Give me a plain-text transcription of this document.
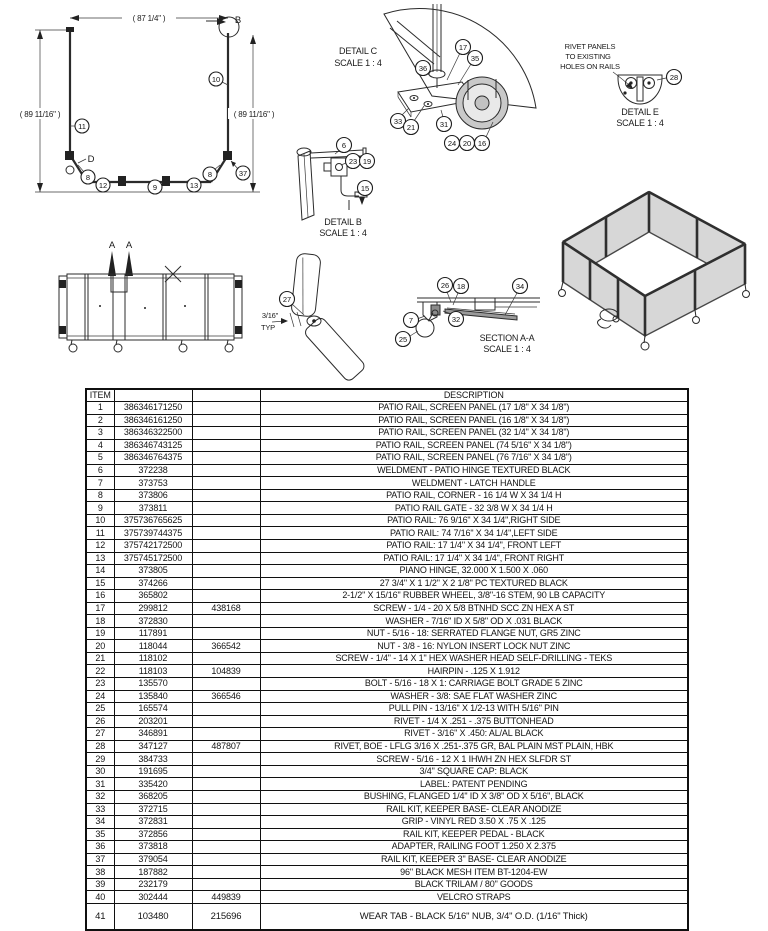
B
D
( 87 1/4" )
( 89 11/16" )	( 89 11/16" )
11
10
8
12	9	13
8	37
DETAIL C
SCALE 1 : 4
36
17
35
33
21	31
24 20 16
RIVET PANELS
TO EXISTING
HOLES ON RAILS
28
DETAIL E
SCALE 1 : 4
6
23 19
15
DETAIL B
SCALE 1 : 4
A A
3/16"
TYP
27
26 18	34
7	32
25	SECTION A-A
SCALE 1 : 4
ITEM			DESCRIPTION
1	386346171250		PATIO RAIL, SCREEN PANEL (17 1/8" X 34 1/8")
2	386346161250		PATIO RAIL, SCREEN PANEL (16 1/8" X 34 1/8")
3	386346322500		PATIO RAIL, SCREEN PANEL (32 1/4" X 34 1/8")
4	386346743125		PATIO RAIL, SCREEN PANEL (74 5/16" X 34 1/8")
5	386346764375		PATIO RAIL, SCREEN PANEL (76 7/16" X 34 1/8")
6	372238		WELDMENT - PATIO HINGE TEXTURED BLACK
7	373753		WELDMENT - LATCH HANDLE
8	373806		PATIO RAIL, CORNER - 16 1/4 W X 34 1/4 H
9	373811		PATIO RAIL GATE - 32 3/8 W X 34 1/4 H
10	375736765625		PATIO RAIL: 76 9/16" X 34 1/4",RIGHT SIDE
11	375739744375		PATIO RAIL: 74 7/16" X 34 1/4",LEFT SIDE
12	375742172500		PATIO RAIL: 17 1/4" X 34 1/4", FRONT LEFT
13	375745172500		PATIO RAIL: 17 1/4" X 34 1/4", FRONT RIGHT
14	373805		PIANO HINGE, 32.000 X 1.500 X .060
15	374266		27 3/4" X 1 1/2" X 2 1/8" PC TEXTURED BLACK
16	365802		2-1/2" X 15/16" RUBBER WHEEL, 3/8"-16 STEM, 90 LB CAPACITY
17	299812	438168	SCREW - 1/4 - 20 X 5/8 BTNHD SCC ZN HEX A ST
18	372830		WASHER - 7/16" ID X 5/8" OD X .031 BLACK
19	117891		NUT - 5/16 - 18: SERRATED FLANGE NUT, GR5 ZINC
20	118044	366542	NUT - 3/8 - 16: NYLON INSERT LOCK NUT ZINC
21	118102		SCREW - 1/4" - 14 X 1" HEX WASHER HEAD SELF-DRILLING - TEKS
22	118103	104839	HAIRPIN - .125 X 1.912
23	135570		BOLT - 5/16 - 18 X 1: CARRIAGE BOLT GRADE 5 ZINC
24	135840	366546	WASHER - 3/8: SAE FLAT WASHER ZINC
25	165574		PULL PIN - 13/16" X 1/2-13 WITH 5/16" PIN
26	203201		RIVET - 1/4 X .251 - .375 BUTTONHEAD
27	346891		RIVET - 3/16" X .450: AL/AL BLACK
28	347127	487807	RIVET, BOE - LFLG 3/16 X .251-.375 GR, BAL PLAIN MST PLAIN, HBK
29	384733		SCREW - 5/16 - 12 X 1 IHWH ZN HEX SLFDR ST
30	191695		3/4" SQUARE CAP: BLACK
31	335420		LABEL: PATENT PENDING
32	368205		BUSHING, FLANGED 1/4" ID X 3/8" OD X 5/16", BLACK
33	372715		RAIL KIT, KEEPER BASE- CLEAR ANODIZE
34	372831		GRIP - VINYL RED 3.50 X .75 X .125
35	372856		RAIL KIT, KEEPER PEDAL - BLACK
36	373818		ADAPTER, RAILING FOOT 1.250 X 2.375
37	379054		RAIL KIT, KEEPER 3" BASE- CLEAR ANODIZE
38	187882		96" BLACK MESH ITEM BT-1204-EW
39	232179		BLACK TRILAM / 80" GOODS
40	302444	449839	VELCRO STRAPS
41	103480	215696	WEAR TAB - BLACK 5/16" NUB, 3/4" O.D. (1/16" Thick)
